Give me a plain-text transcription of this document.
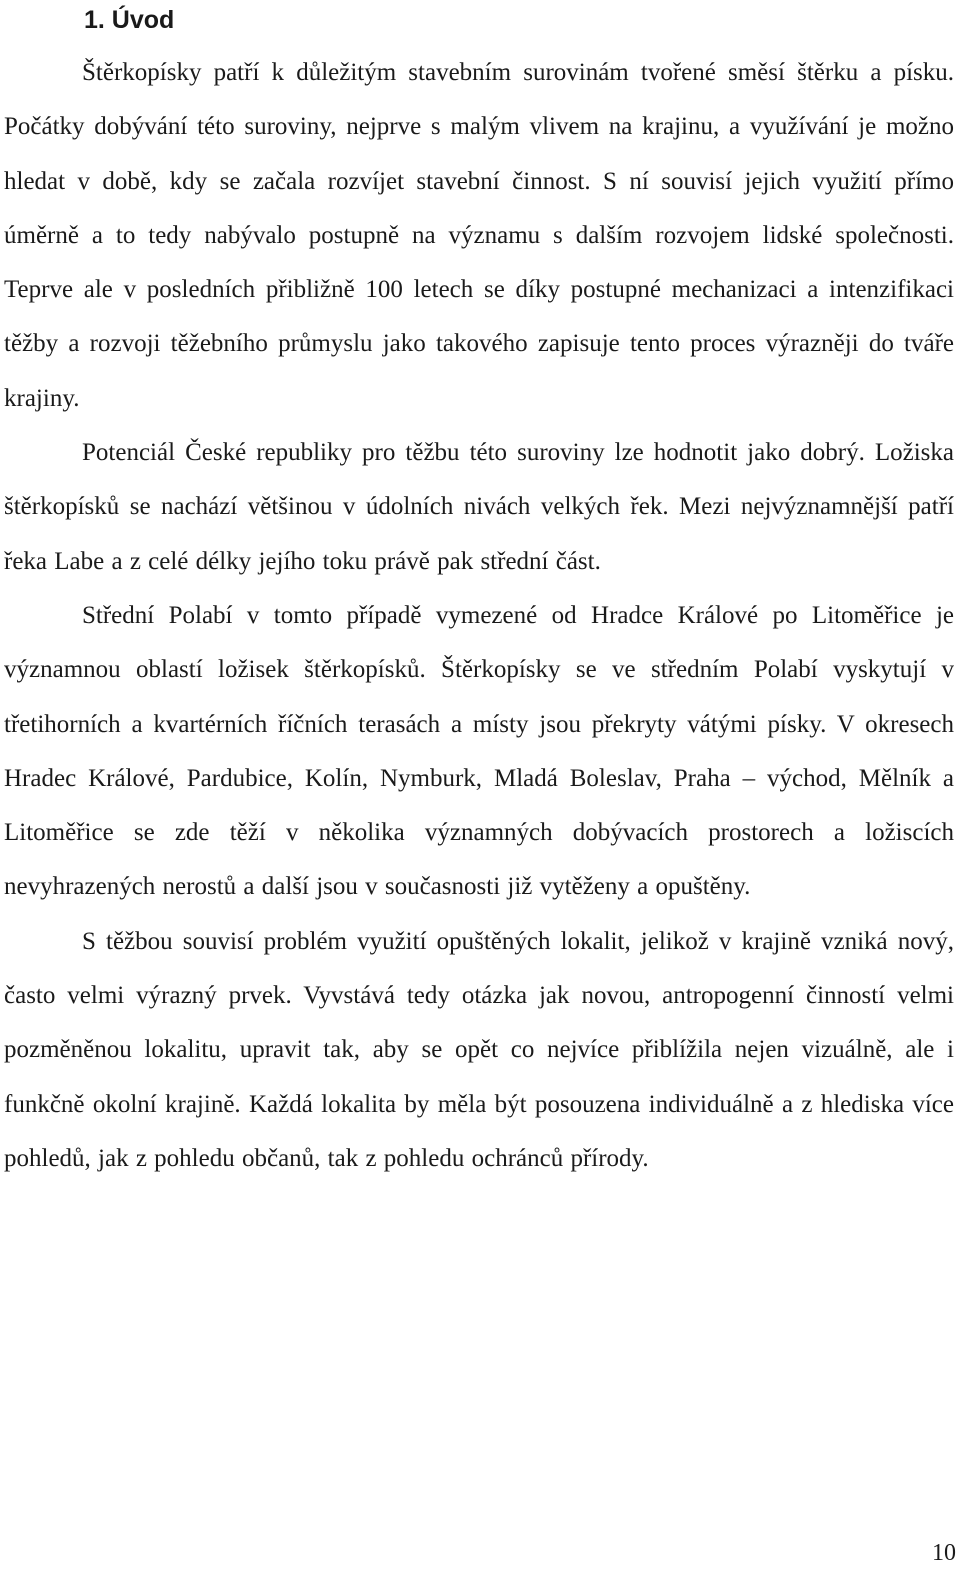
1. Úvod

Štěrkopísky patří k důležitým stavebním surovinám tvořené směsí štěrku a písku. Počátky dobývání této suroviny, nejprve s malým vlivem na krajinu, a využívání je možno hledat v době, kdy se začala rozvíjet stavební činnost. S ní souvisí jejich využití přímo úměrně a to tedy nabývalo postupně na významu s dalším rozvojem lidské společnosti. Teprve ale v posledních přibližně 100 letech se díky postupné mechanizaci a intenzifikaci těžby a rozvoji těžebního průmyslu jako takového zapisuje tento proces výrazněji do tváře krajiny.

Potenciál České republiky pro těžbu této suroviny lze hodnotit jako dobrý. Ložiska štěrkopísků se nachází většinou v údolních nivách velkých řek. Mezi nejvýznamnější patří řeka Labe a z celé délky jejího toku právě pak střední část.

Střední Polabí v tomto případě vymezené od Hradce Králové po Litoměřice je významnou oblastí ložisek štěrkopísků. Štěrkopísky se ve středním Polabí vyskytují v třetihorních a kvartérních říčních terasách a místy jsou překryty vátými písky. V okresech Hradec Králové, Pardubice, Kolín, Nymburk, Mladá Boleslav, Praha – východ, Mělník a Litoměřice se zde těží v několika významných dobývacích prostorech a ložiscích nevyhrazených nerostů a další jsou v současnosti již vytěženy a opuštěny.

S těžbou souvisí problém využití opuštěných lokalit, jelikož v krajině vzniká nový, často velmi výrazný prvek. Vyvstává tedy otázka jak novou, antropogenní činností velmi pozměněnou lokalitu, upravit tak, aby se opět co nejvíce přiblížila nejen vizuálně, ale i funkčně okolní krajině. Každá lokalita by měla být posouzena individuálně a z hlediska více pohledů, jak z pohledu občanů, tak z pohledu ochránců přírody.

10
